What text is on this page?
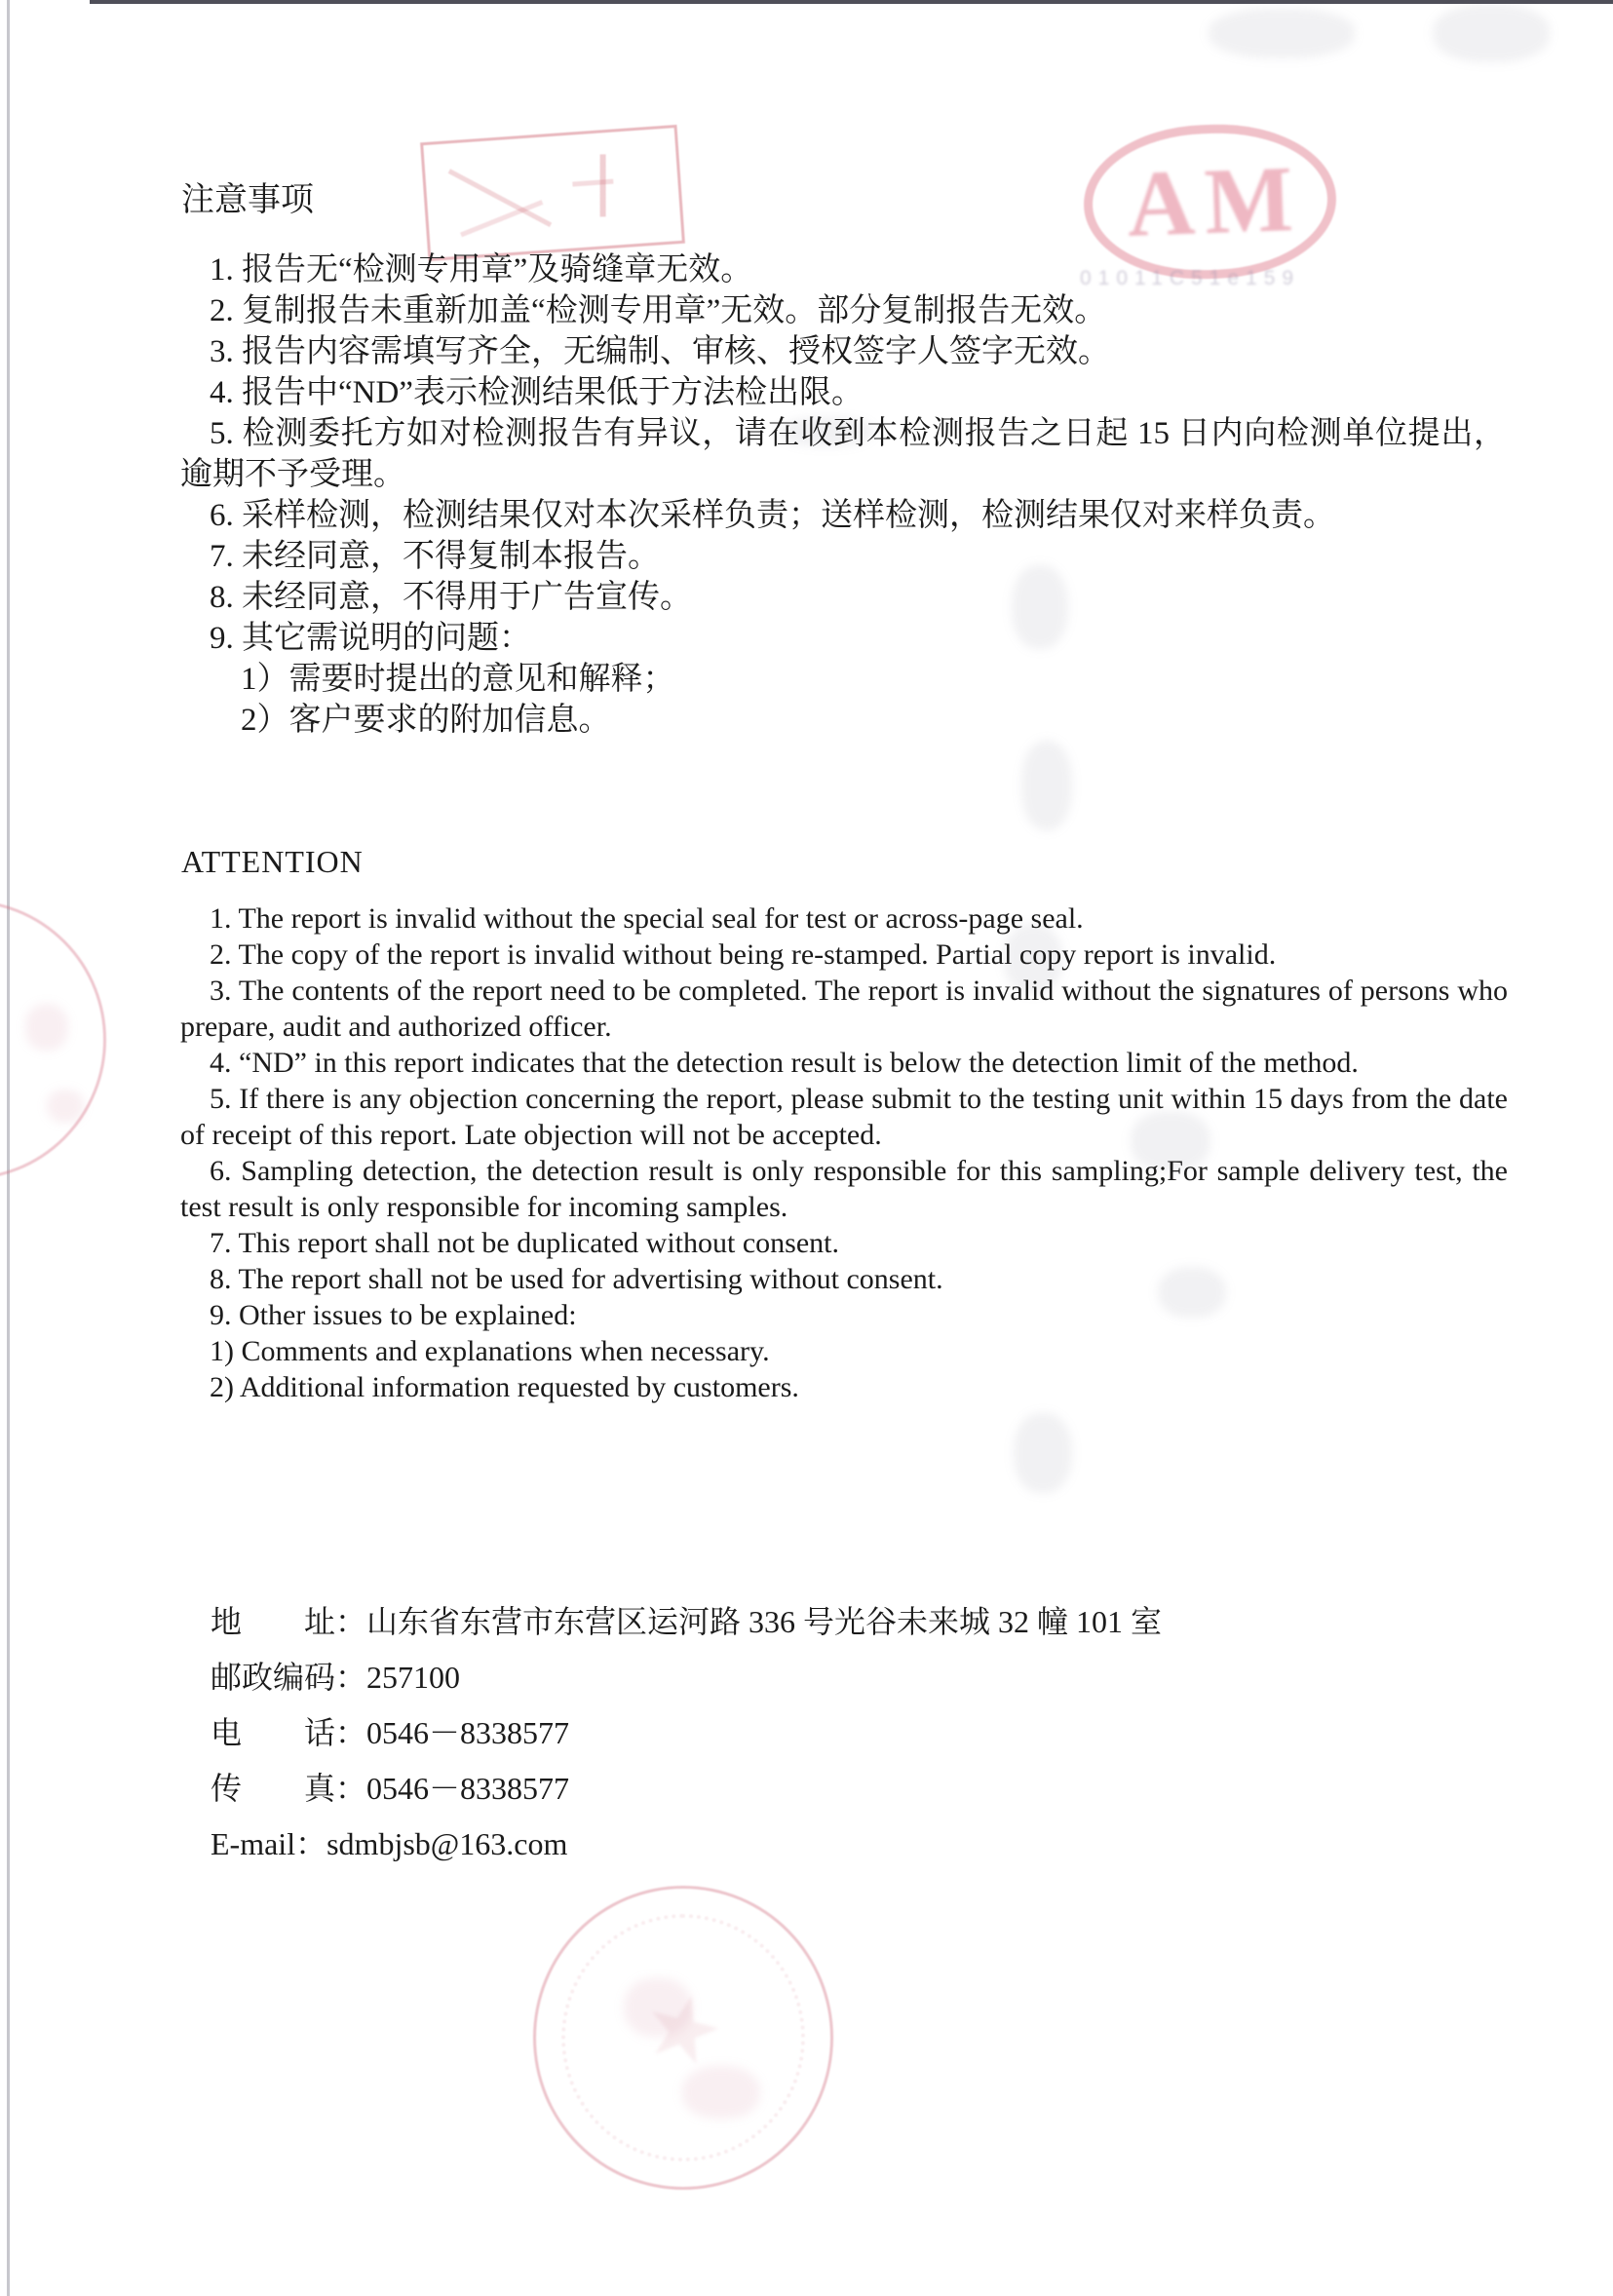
AM
01011C51e159
★
注意事项

1. 报告无“检测专用章”及骑缝章无效。

2. 复制报告未重新加盖“检测专用章”无效。部分复制报告无效。

3. 报告内容需填写齐全，无编制、审核、授权签字人签字无效。

4. 报告中“ND”表示检测结果低于方法检出限。

5. 检测委托方如对检测报告有异议，请在收到本检测报告之日起 15 日内向检测单位提出，逾期不予受理。

6. 采样检测，检测结果仅对本次采样负责；送样检测，检测结果仅对来样负责。

7. 未经同意，不得复制本报告。

8. 未经同意，不得用于广告宣传。

9. 其它需说明的问题：

1）需要时提出的意见和解释；

2）客户要求的附加信息。

ATTENTION

1. The report is invalid without the special seal for test or across-page seal.

2. The copy of the report is invalid without being re-stamped. Partial copy report is invalid.

3. The contents of the report need to be completed. The report is invalid without the signatures of persons who prepare, audit and authorized officer.

4. “ND” in this report indicates that the detection result is below the detection limit of the method.

5. If there is any objection concerning the report, please submit to the testing unit within 15 days from the date of receipt of this report. Late objection will not be accepted.

6. Sampling detection, the detection result is only responsible for this sampling;For sample delivery test, the test result is only responsible for incoming samples.

7. This report shall not be duplicated without consent.

8. The report shall not be used for advertising without consent.

9. Other issues to be explained:

1) Comments and explanations when necessary.

2) Additional information requested by customers.

地　　址：山东省东营市东营区运河路 336 号光谷未来城 32 幢 101 室

邮政编码：257100

电　　话：0546－8338577

传　　真：0546－8338577

E-mail：sdmbjsb@163.com
